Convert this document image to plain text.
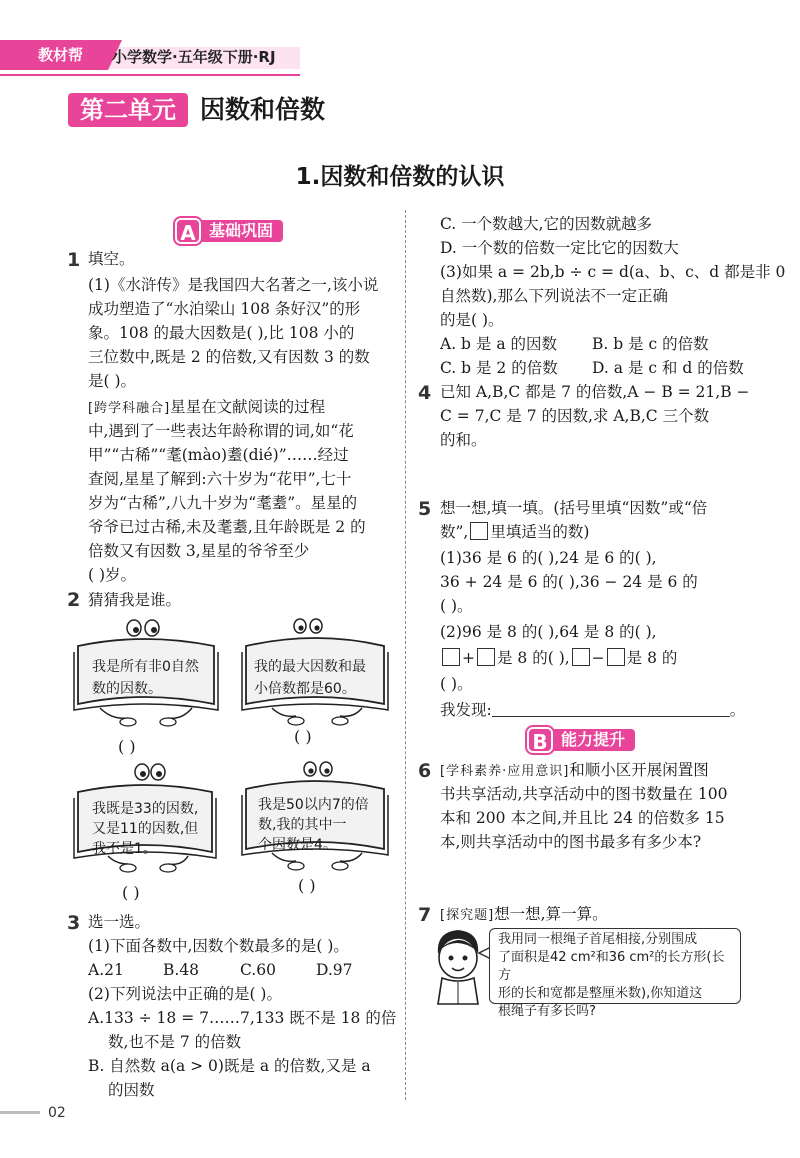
教材帮	小学数学·五年级下册·RJ
第二单元 因数和倍数
1.因数和倍数的认识
A 基础巩固
1 填空。
(1)《水浒传》是我国四大名著之一,该小说
成功塑造了“水泊梁山 108 条好汉”的形
象。108 的最大因数是( ),比 108 小的
三位数中,既是 2 的倍数,又有因数 3 的数
是( )。
[跨学科融合]星星在文献阅读的过程
中,遇到了一些表达年龄称谓的词,如“花
甲”“古稀”“耄(mào)耋(dié)”……经过
查阅,星星了解到:六十岁为“花甲”,七十
岁为“古稀”,八九十岁为“耄耋”。星星的
爷爷已过古稀,未及耄耋,且年龄既是 2 的
倍数又有因数 3,星星的爷爷至少
( )岁。
2 猜猜我是谁。
我是所有非0自然
数的因数。
( )
我的最大因数和最
小倍数都是60。
( )
我既是33的因数,
又是11的因数,但
我不是1。
( )
我是50以内7的倍
数,我的其中一
个因数是4。
( )
3 选一选。
(1)下面各数中,因数个数最多的是( )。
A.21	B.48	C.60	D.97
(2)下列说法中正确的是( )。
A.133 ÷ 18 = 7……7,133 既不是 18 的倍
数,也不是 7 的倍数
B. 自然数 a(a > 0)既是 a 的倍数,又是 a
的因数
C. 一个数越大,它的因数就越多
D. 一个数的倍数一定比它的因数大
(3)如果 a = 2b,b ÷ c = d(a、b、c、d 都是非 0
自然数),那么下列说法不一定正确
的是( )。
A. b 是 a 的因数 B. b 是 c 的倍数
C. b 是 2 的倍数 D. a 是 c 和 d 的倍数
4 已知 A,B,C 都是 7 的倍数,A − B = 21,B −
C = 7,C 是 7 的因数,求 A,B,C 三个数
的和。
5 想一想,填一填。(括号里填“因数”或“倍
数”, 里填适当的数)
(1)36 是 6 的( ),24 是 6 的( ),
36 + 24 是 6 的( ),36 − 24 是 6 的
( )。
(2)96 是 8 的( ),64 是 8 的( ),
+ 是 8 的( ), − 是 8 的
( )。
我发现:	。
B 能力提升
6 [学科素养·应用意识]和顺小区开展闲置图
书共享活动,共享活动中的图书数量在 100
本和 200 本之间,并且比 24 的倍数多 15
本,则共享活动中的图书最多有多少本?
7 [探究题]想一想,算一算。
我用同一根绳子首尾相接,分别围成
了面积是42 cm²和36 cm²的长方形(长方
形的长和宽都是整厘米数),你知道这
根绳子有多长吗?
02
